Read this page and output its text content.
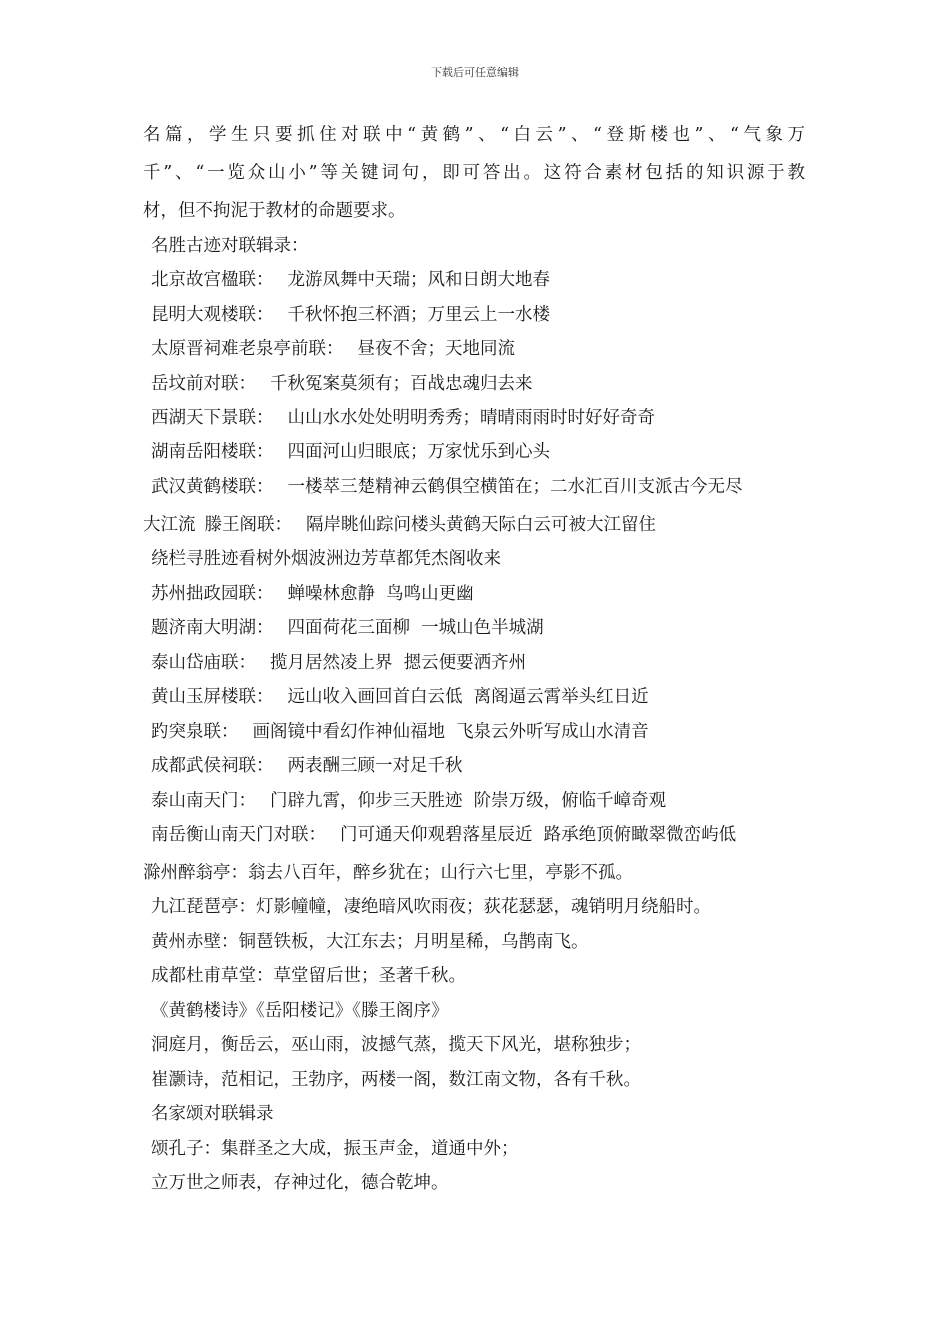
下载后可任意编辑
名篇，学生只要抓住对联中“黄鹤”、“白云”、“登斯楼也”、“气象万
千”、“一览众山小”等关键词句，即可答出。这符合素材包括的知识源于教
材，但不拘泥于教材的命题要求。
名胜古迹对联辑录：
北京故宫楹联： 龙游凤舞中天瑞；风和日朗大地春
昆明大观楼联： 千秋怀抱三杯酒；万里云上一水楼
太原晋祠难老泉亭前联： 昼夜不舍；天地同流
岳坟前对联： 千秋冤案莫须有；百战忠魂归去来
西湖天下景联： 山山水水处处明明秀秀；晴晴雨雨时时好好奇奇
湖南岳阳楼联： 四面河山归眼底；万家忧乐到心头
武汉黄鹤楼联： 一楼萃三楚精神云鹤俱空横笛在；二水汇百川支派古今无尽
大江流 滕王阁联： 隔岸眺仙踪问楼头黄鹤天际白云可被大江留住
绕栏寻胜迹看树外烟波洲边芳草都凭杰阁收来
苏州拙政园联： 蝉噪林愈静  鸟鸣山更幽
题济南大明湖： 四面荷花三面柳  一城山色半城湖
泰山岱庙联： 揽月居然凌上界  摁云便要洒齐州
黄山玉屏楼联： 远山收入画回首白云低  离阁逼云霄举头红日近
趵突泉联： 画阁镜中看幻作神仙福地  飞泉云外听写成山水清音
成都武侯祠联： 两表酬三顾一对足千秋
泰山南天门： 门辟九霄，仰步三天胜迹  阶崇万级，俯临千嶂奇观
南岳衡山南天门对联： 门可通天仰观碧落星辰近  路承绝顶俯瞰翠微峦屿低
滁州醉翁亭：翁去八百年，醉乡犹在；山行六七里，亭影不孤。
九江琵琶亭：灯影幢幢，凄绝暗风吹雨夜；荻花瑟瑟，魂销明月绕船时。
黄州赤壁：铜琶铁板，大江东去；月明星稀，乌鹊南飞。
成都杜甫草堂：草堂留后世；圣著千秋。
《黄鹤楼诗》《岳阳楼记》《滕王阁序》
洞庭月，衡岳云，巫山雨，波撼气蒸，揽天下风光，堪称独步；
崔灏诗，范相记，王勃序，两楼一阁，数江南文物，各有千秋。
名家颂对联辑录
颂孔子：集群圣之大成，振玉声金，道通中外；
立万世之师表，存神过化，德合乾坤。
